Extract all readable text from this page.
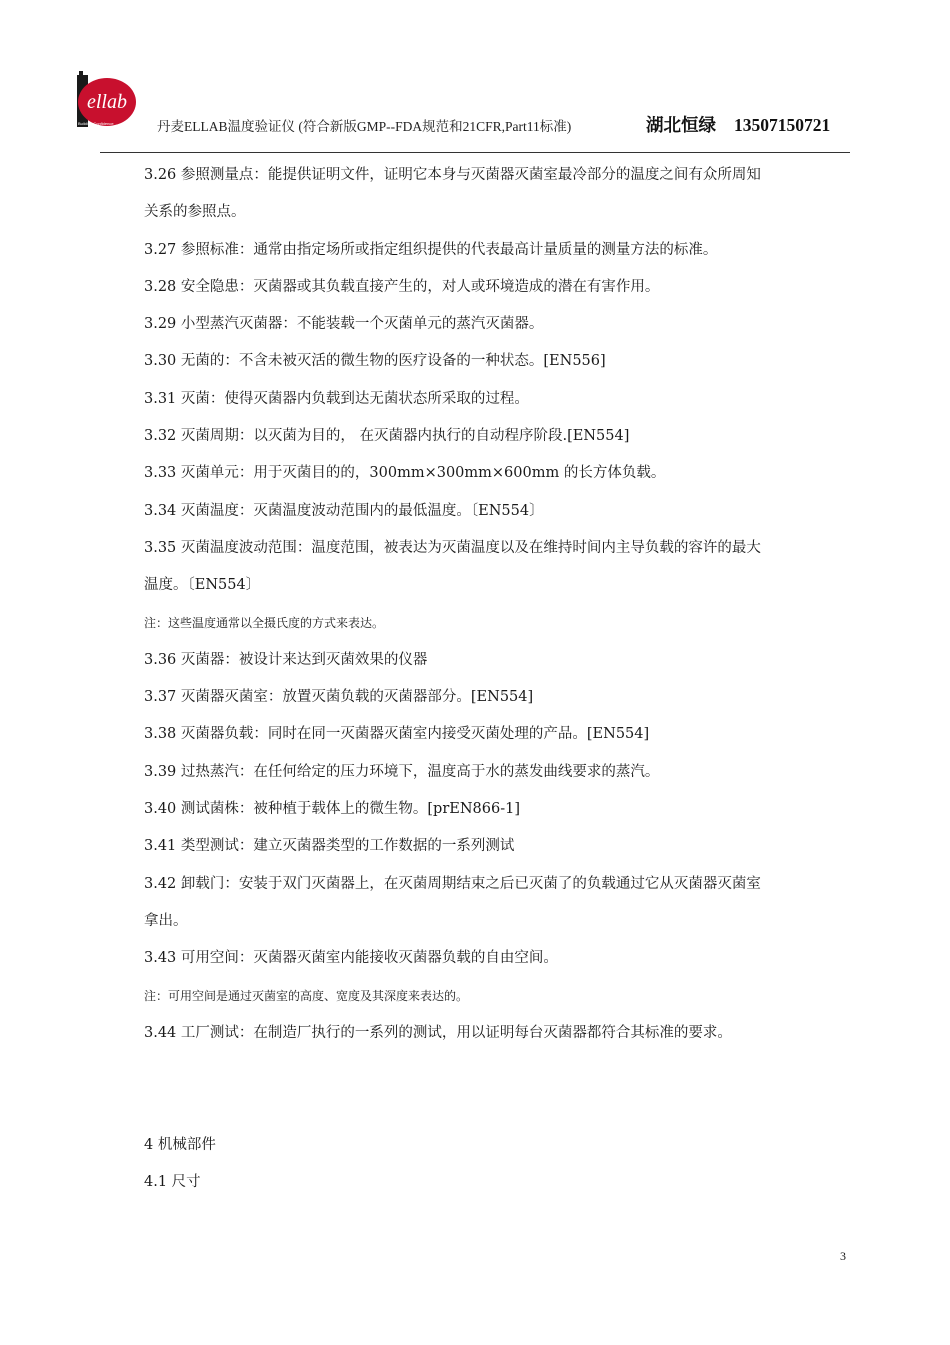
ellab
Building Confidence	丹麦ELLAB温度验证仪 (符合新版GMP--FDA规范和21CFR,Part11标准)	湖北恒绿 13507150721
3.26 参照测量点：能提供证明文件，证明它本身与灭菌器灭菌室最冷部分的温度之间有众所周知
关系的参照点。
3.27 参照标准：通常由指定场所或指定组织提供的代表最高计量质量的测量方法的标准。
3.28 安全隐患：灭菌器或其负载直接产生的，对人或环境造成的潜在有害作用。
3.29 小型蒸汽灭菌器：不能装载一个灭菌单元的蒸汽灭菌器。
3.30 无菌的：不含未被灭活的微生物的医疗设备的一种状态。[EN556]
3.31 灭菌：使得灭菌器内负载到达无菌状态所采取的过程。
3.32 灭菌周期：以灭菌为目的， 在灭菌器内执行的自动程序阶段.[EN554]
3.33 灭菌单元：用于灭菌目的的，300mm×300mm×600mm 的长方体负载。
3.34 灭菌温度：灭菌温度波动范围内的最低温度。〔EN554〕
3.35 灭菌温度波动范围：温度范围，被表达为灭菌温度以及在维持时间内主导负载的容许的最大
温度。〔EN554〕
注：这些温度通常以全摄氏度的方式来表达。
3.36 灭菌器：被设计来达到灭菌效果的仪器
3.37 灭菌器灭菌室：放置灭菌负载的灭菌器部分。[EN554]
3.38 灭菌器负载：同时在同一灭菌器灭菌室内接受灭菌处理的产品。[EN554]
3.39 过热蒸汽：在任何给定的压力环境下，温度高于水的蒸发曲线要求的蒸汽。
3.40 测试菌株：被种植于载体上的微生物。[prEN866-1]
3.41 类型测试：建立灭菌器类型的工作数据的一系列测试
3.42 卸载门：安装于双门灭菌器上，在灭菌周期结束之后已灭菌了的负载通过它从灭菌器灭菌室
拿出。
3.43 可用空间：灭菌器灭菌室内能接收灭菌器负载的自由空间。
注：可用空间是通过灭菌室的高度、宽度及其深度来表达的。
3.44 工厂测试：在制造厂执行的一系列的测试，用以证明每台灭菌器都符合其标准的要求。
4 机械部件
4.1 尺寸
3
